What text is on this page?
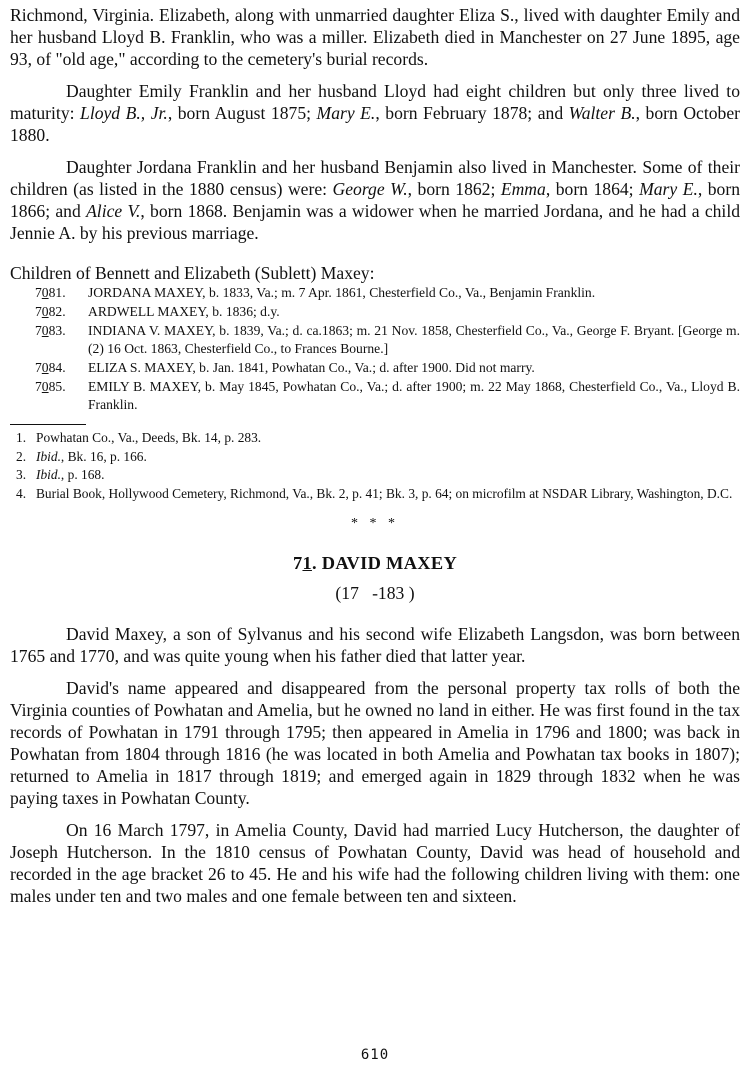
Richmond, Virginia. Elizabeth, along with unmarried daughter Eliza S., lived with daughter Emily and her husband Lloyd B. Franklin, who was a miller. Elizabeth died in Manchester on 27 June 1895, age 93, of "old age," according to the cemetery's burial records.

Daughter Emily Franklin and her husband Lloyd had eight children but only three lived to maturity: Lloyd B., Jr., born August 1875; Mary E., born February 1878; and Walter B., born October 1880.

Daughter Jordana Franklin and her husband Benjamin also lived in Manchester. Some of their children (as listed in the 1880 census) were: George W., born 1862; Emma, born 1864; Mary E., born 1866; and Alice V., born 1868. Benjamin was a widower when he married Jordana, and he had a child Jennie A. by his previous marriage.

Children of Bennett and Elizabeth (Sublett) Maxey:

7081. JORDANA MAXEY, b. 1833, Va.; m. 7 Apr. 1861, Chesterfield Co., Va., Benjamin Franklin.
7082. ARDWELL MAXEY, b. 1836; d.y.
7083. INDIANA V. MAXEY, b. 1839, Va.; d. ca.1863; m. 21 Nov. 1858, Chesterfield Co., Va., George F. Bryant. [George m. (2) 16 Oct. 1863, Chesterfield Co., to Frances Bourne.]
7084. ELIZA S. MAXEY, b. Jan. 1841, Powhatan Co., Va.; d. after 1900. Did not marry.
7085. EMILY B. MAXEY, b. May 1845, Powhatan Co., Va.; d. after 1900; m. 22 May 1868, Chesterfield Co., Va., Lloyd B. Franklin.
1. Powhatan Co., Va., Deeds, Bk. 14, p. 283.
2. Ibid., Bk. 16, p. 166.
3. Ibid., p. 168.
4. Burial Book, Hollywood Cemetery, Richmond, Va., Bk. 2, p. 41; Bk. 3, p. 64; on microfilm at NSDAR Library, Washington, D.C.

* * *

71. DAVID MAXEY

(17   -183 )

David Maxey, a son of Sylvanus and his second wife Elizabeth Langsdon, was born between 1765 and 1770, and was quite young when his father died that latter year.

David's name appeared and disappeared from the personal property tax rolls of both the Virginia counties of Powhatan and Amelia, but he owned no land in either. He was first found in the tax records of Powhatan in 1791 through 1795; then appeared in Amelia in 1796 and 1800; was back in Powhatan from 1804 through 1816 (he was located in both Amelia and Powhatan tax books in 1807); returned to Amelia in 1817 through 1819; and emerged again in 1829 through 1832 when he was paying taxes in Powhatan County.

On 16 March 1797, in Amelia County, David had married Lucy Hutcherson, the daughter of Joseph Hutcherson. In the 1810 census of Powhatan County, David was head of household and recorded in the age bracket 26 to 45. He and his wife had the following children living with them: one males under ten and two males and one female between ten and sixteen.

610
